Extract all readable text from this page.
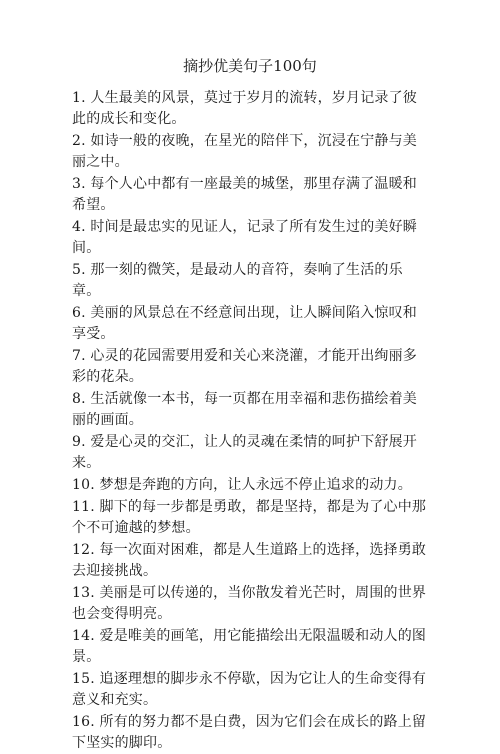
摘抄优美句子100句
1. 人生最美的风景，莫过于岁月的流转，岁月记录了彼此的成长和变化。
2. 如诗一般的夜晚，在星光的陪伴下，沉浸在宁静与美丽之中。
3. 每个人心中都有一座最美的城堡，那里存满了温暖和希望。
4. 时间是最忠实的见证人，记录了所有发生过的美好瞬间。
5. 那一刻的微笑，是最动人的音符，奏响了生活的乐章。
6. 美丽的风景总在不经意间出现，让人瞬间陷入惊叹和享受。
7. 心灵的花园需要用爱和关心来浇灌，才能开出绚丽多彩的花朵。
8. 生活就像一本书，每一页都在用幸福和悲伤描绘着美丽的画面。
9. 爱是心灵的交汇，让人的灵魂在柔情的呵护下舒展开来。
10. 梦想是奔跑的方向，让人永远不停止追求的动力。
11. 脚下的每一步都是勇敢，都是坚持，都是为了心中那个不可逾越的梦想。
12. 每一次面对困难，都是人生道路上的选择，选择勇敢去迎接挑战。
13. 美丽是可以传递的，当你散发着光芒时，周围的世界也会变得明亮。
14. 爱是唯美的画笔，用它能描绘出无限温暖和动人的图景。
15. 追逐理想的脚步永不停歇，因为它让人的生命变得有意义和充实。
16. 所有的努力都不是白费，因为它们会在成长的路上留下坚实的脚印。
